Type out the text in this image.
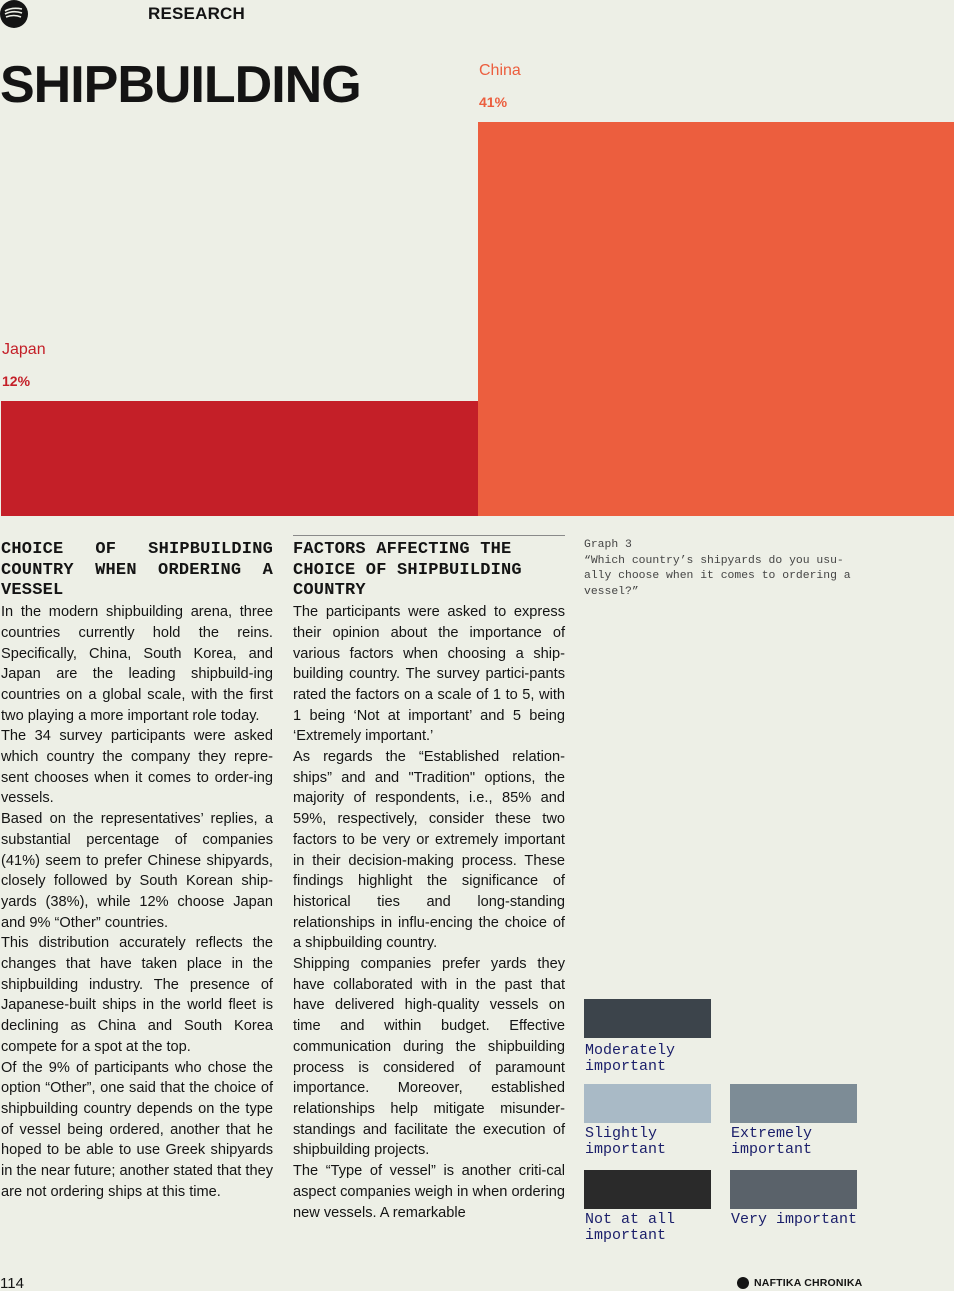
RESEARCH
SHIPBUILDING
Japan
12%
China
41%
CHOICE OF SHIPBUILDING COUNTRY WHEN ORDERING A VESSEL

In the modern shipbuilding arena, three countries currently hold the reins. Specifically, China, South Korea, and Japan are the leading shipbuild-ing countries on a global scale, with the first two playing a more important role today.

The 34 survey participants were asked which country the company they repre-sent chooses when it comes to order-ing vessels.

Based on the representatives’ replies, a substantial percentage of companies (41%) seem to prefer Chinese shipyards, closely followed by South Korean ship-yards (38%), while 12% choose Japan and 9% “Other” countries.

This distribution accurately reflects the changes that have taken place in the shipbuilding industry. The presence of Japanese-built ships in the world fleet is declining as China and South Korea compete for a spot at the top.

Of the 9% of participants who chose the option “Other”, one said that the choice of shipbuilding country depends on the type of vessel being ordered, another that he hoped to be able to use Greek shipyards in the near future; another stated that they are not ordering ships at this time.

FACTORS AFFECTING THE CHOICE OF SHIPBUILDING COUNTRY

The participants were asked to express their opinion about the importance of various factors when choosing a ship-building country. The survey partici-pants rated the factors on a scale of 1 to 5, with 1 being ‘Not at important’ and 5 being ‘Extremely important.’

As regards the “Established relation-ships” and and "Tradition" options, the majority of respondents, i.e., 85% and 59%, respectively, consider these two factors to be very or extremely important in their decision-making process. These findings highlight the significance of historical ties and long-standing relationships in influ-encing the choice of a shipbuilding country.

Shipping companies prefer yards they have collaborated with in the past that have delivered high-quality vessels on time and within budget. Effective communication during the shipbuilding process is considered of paramount importance. Moreover, established relationships help mitigate misunder-standings and facilitate the execution of shipbuilding projects.

The “Type of vessel” is another criti-cal aspect companies weigh in when ordering new vessels. A remarkable

Graph 3
“Which country’s shipyards do you usu-ally choose when it comes to ordering a vessel?”
Moderately important
Slightly important
Extremely important
Not at all important
Very important
114	NAFTIKA CHRONIKA
